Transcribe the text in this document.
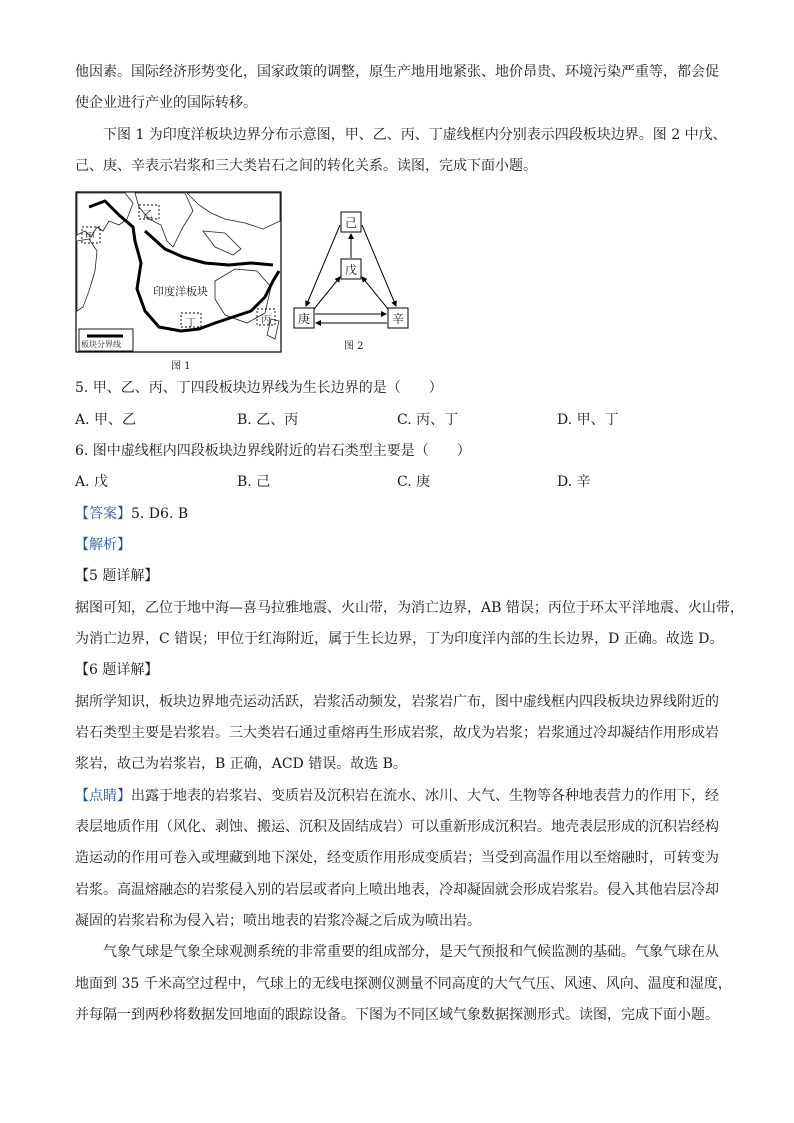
他因素。国际经济形势变化，国家政策的调整，原生产地用地紧张、地价昂贵、环境污染严重等，都会促
使企业进行产业的国际转移。
下图 1 为印度洋板块边界分布示意图，甲、乙、丙、丁虚线框内分别表示四段板块边界。图 2 中戊、
己、庚、辛表示岩浆和三大类岩石之间的转化关系。读图，完成下面小题。
印度洋板块
甲
乙
丙
丁
板块分界线
图 1
己
戊
庚	辛
图 2
5. 甲、乙、丙、丁四段板块边界线为生长边界的是（　　）
A. 甲、乙	B. 乙、丙	C. 丙、丁	D. 甲、丁
6. 图中虚线框内四段板块边界线附近的岩石类型主要是（　　）
A. 戊	B. 己	C. 庚	D. 辛
【答案】5. D6. B
【解析】
【5 题详解】
据图可知，乙位于地中海—喜马拉雅地震、火山带，为消亡边界，AB 错误；丙位于环太平洋地震、火山带，
为消亡边界，C 错误；甲位于红海附近，属于生长边界，丁为印度洋内部的生长边界，D 正确。故选 D。
【6 题详解】
据所学知识，板块边界地壳运动活跃，岩浆活动频发，岩浆岩广布，图中虚线框内四段板块边界线附近的
岩石类型主要是岩浆岩。三大类岩石通过重熔再生形成岩浆，故戊为岩浆；岩浆通过冷却凝结作用形成岩
浆岩，故己为岩浆岩，B 正确，ACD 错误。故选 B。
【点睛】出露于地表的岩浆岩、变质岩及沉积岩在流水、冰川、大气、生物等各种地表营力的作用下，经
表层地质作用（风化、剥蚀、搬运、沉积及固结成岩）可以重新形成沉积岩。地壳表层形成的沉积岩经构
造运动的作用可卷入或埋藏到地下深处，经变质作用形成变质岩；当受到高温作用以至熔融时，可转变为
岩浆。高温熔融态的岩浆侵入别的岩层或者向上喷出地表，冷却凝固就会形成岩浆岩。侵入其他岩层冷却
凝固的岩浆岩称为侵入岩；喷出地表的岩浆冷凝之后成为喷出岩。
气象气球是气象全球观测系统的非常重要的组成部分，是天气预报和气候监测的基础。气象气球在从
地面到 35 千米高空过程中，气球上的无线电探测仪测量不同高度的大气气压、风速、风向、温度和湿度，
并每隔一到两秒将数据发回地面的跟踪设备。下图为不同区域气象数据探测形式。读图，完成下面小题。
